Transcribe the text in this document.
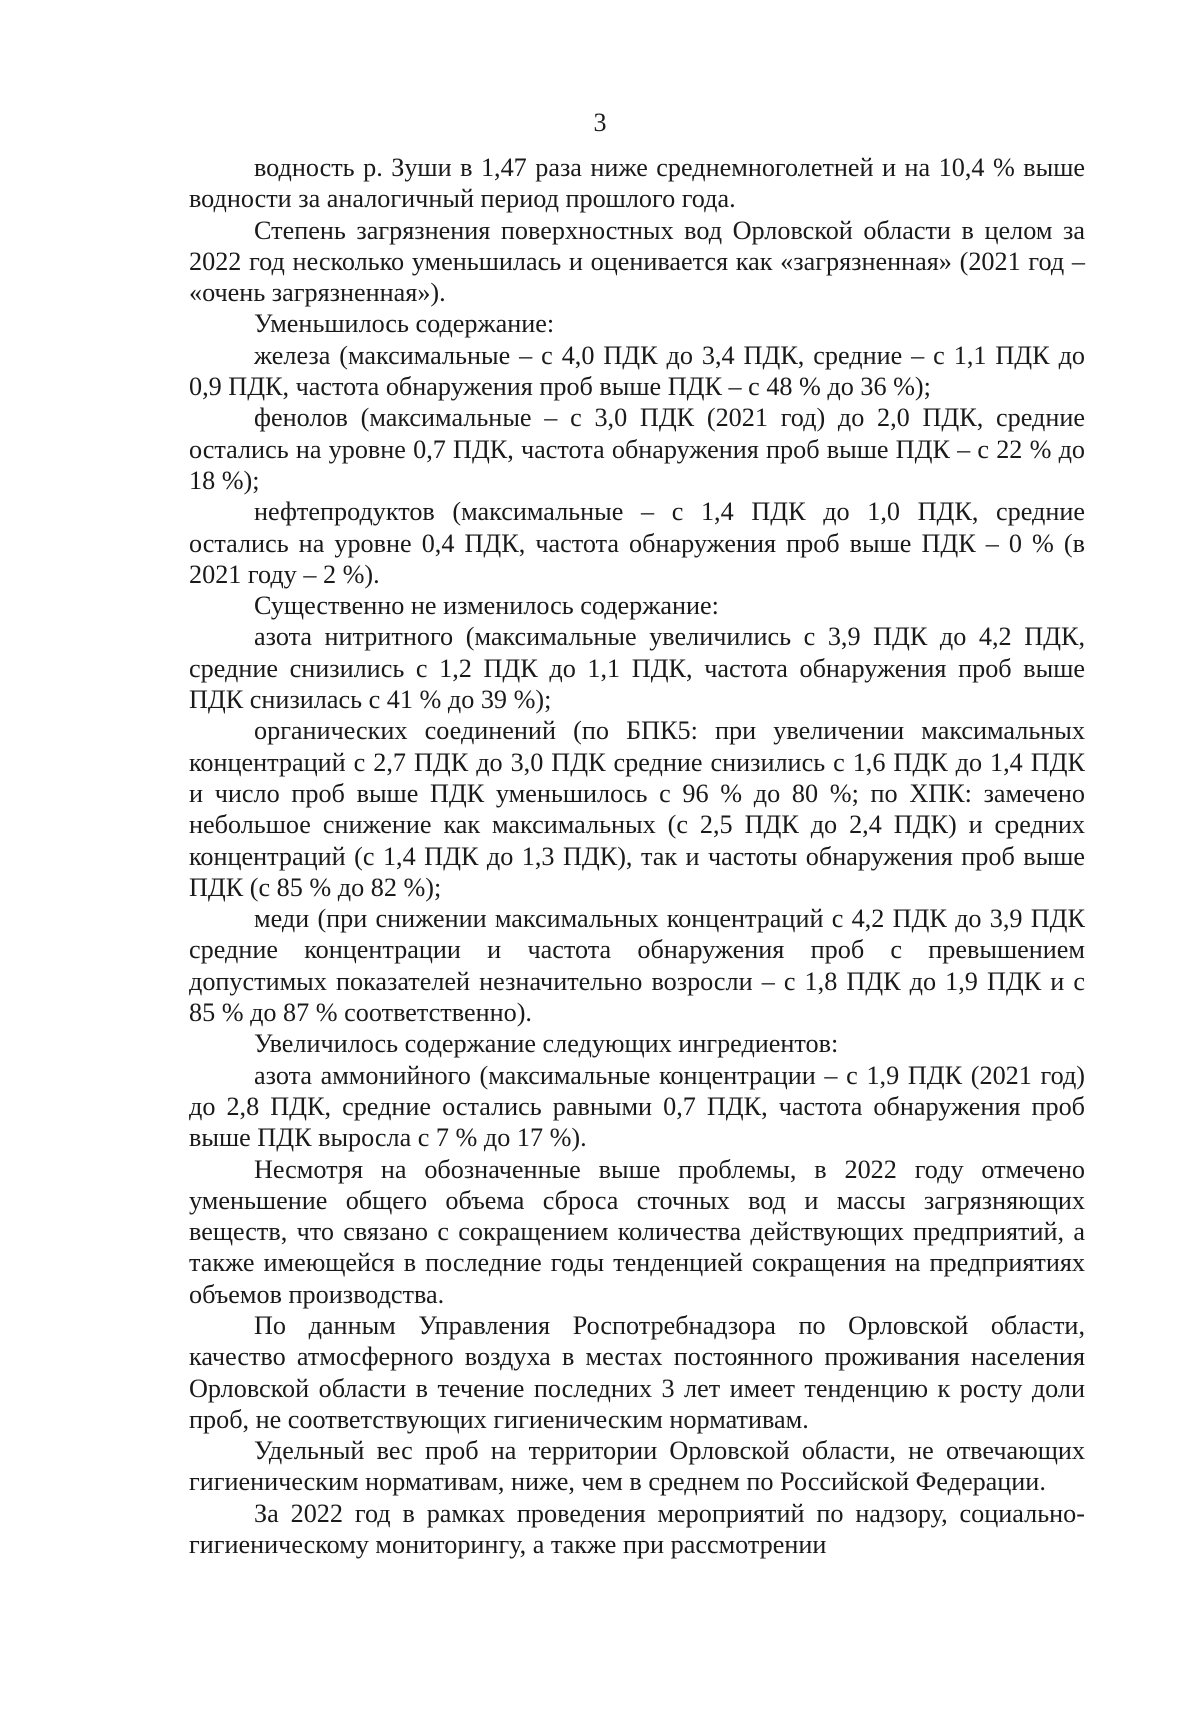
3

водность р. Зуши в 1,47 раза ниже среднемноголетней и на 10,4 % выше водности за аналогичный период прошлого года.

Степень загрязнения поверхностных вод Орловской области в целом за 2022 год несколько уменьшилась и оценивается как «загрязненная» (2021 год – «очень загрязненная»).

Уменьшилось содержание:

железа (максимальные – с 4,0 ПДК до 3,4 ПДК, средние – с 1,1 ПДК до 0,9 ПДК, частота обнаружения проб выше ПДК – с 48 % до 36 %);

фенолов (максимальные – с 3,0 ПДК (2021 год) до 2,0 ПДК, средние остались на уровне 0,7 ПДК, частота обнаружения проб выше ПДК – с 22 % до 18 %);

нефтепродуктов (максимальные – с 1,4 ПДК до 1,0 ПДК, средние остались на уровне 0,4 ПДК, частота обнаружения проб выше ПДК – 0 % (в 2021 году – 2 %).

Существенно не изменилось содержание:

азота нитритного (максимальные увеличились с 3,9 ПДК до 4,2 ПДК, средние снизились с 1,2 ПДК до 1,1 ПДК, частота обнаружения проб выше ПДК снизилась с 41 % до 39 %);

органических соединений (по БПК5: при увеличении максимальных концентраций с 2,7 ПДК до 3,0 ПДК средние снизились с 1,6 ПДК до 1,4 ПДК и число проб выше ПДК уменьшилось с 96 % до 80 %; по ХПК: замечено небольшое снижение как максимальных (с 2,5 ПДК до 2,4 ПДК) и средних концентраций (с 1,4 ПДК до 1,3 ПДК), так и частоты обнаружения проб выше ПДК (с 85 % до 82 %);

меди (при снижении максимальных концентраций с 4,2 ПДК до 3,9 ПДК средние концентрации и частота обнаружения проб с превышением допустимых показателей незначительно возросли – с 1,8 ПДК до 1,9 ПДК и с 85 % до 87 % соответственно).

Увеличилось содержание следующих ингредиентов:

азота аммонийного (максимальные концентрации – с 1,9 ПДК (2021 год) до 2,8 ПДК, средние остались равными 0,7 ПДК, частота обнаружения проб выше ПДК выросла с 7 % до 17 %).

Несмотря на обозначенные выше проблемы, в 2022 году отмечено уменьшение общего объема сброса сточных вод и массы загрязняющих веществ, что связано с сокращением количества действующих предприятий, а также имеющейся в последние годы тенденцией сокращения на предприятиях объемов производства.

По данным Управления Роспотребнадзора по Орловской области, качество атмосферного воздуха в местах постоянного проживания населения Орловской области в течение последних 3 лет имеет тенденцию к росту доли проб, не соответствующих гигиеническим нормативам.

Удельный вес проб на территории Орловской области, не отвечающих гигиеническим нормативам, ниже, чем в среднем по Российской Федерации.

За 2022 год в рамках проведения мероприятий по надзору, социально-гигиеническому мониторингу, а также при рассмотрении
